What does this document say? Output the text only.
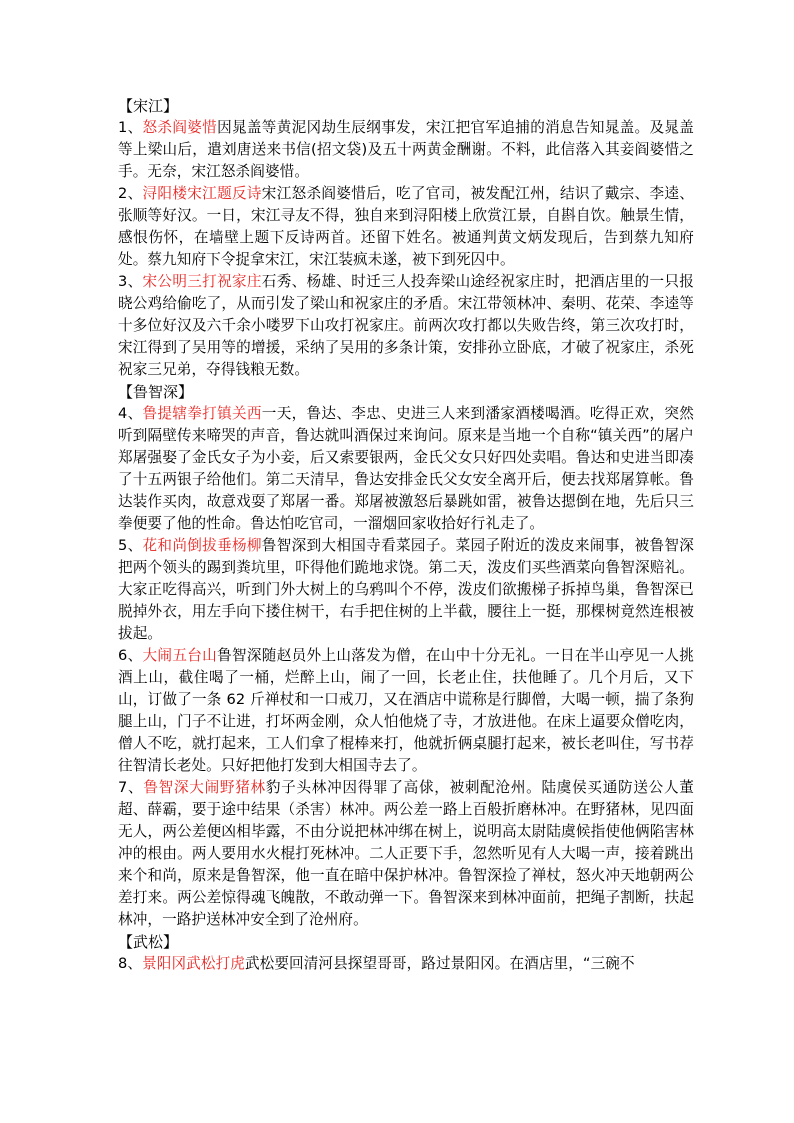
【宋江】

1、怒杀阎婆惜因晁盖等黄泥冈劫生辰纲事发，宋江把官军追捕的消息告知晁盖。及晁盖等上梁山后，遣刘唐送来书信(招文袋)及五十两黄金酬谢。不料，此信落入其妾阎婆惜之手。无奈，宋江怒杀阎婆惜。

2、浔阳楼宋江题反诗宋江怒杀阎婆惜后，吃了官司，被发配江州，结识了戴宗、李逵、张顺等好汉。一日，宋江寻友不得，独自来到浔阳楼上欣赏江景，自斟自饮。触景生情，感恨伤怀，在墙壁上题下反诗两首。还留下姓名。被通判黄文炳发现后，告到蔡九知府处。蔡九知府下令捉拿宋江，宋江装疯未遂，被下到死囚中。

3、宋公明三打祝家庄石秀、杨雄、时迁三人投奔梁山途经祝家庄时，把酒店里的一只报晓公鸡给偷吃了，从而引发了梁山和祝家庄的矛盾。宋江带领林冲、秦明、花荣、李逵等十多位好汉及六千余小喽罗下山攻打祝家庄。前两次攻打都以失败告终，第三次攻打时，宋江得到了吴用等的增援，采纳了吴用的多条计策，安排孙立卧底，才破了祝家庄，杀死祝家三兄弟，夺得钱粮无数。

【鲁智深】

4、鲁提辖拳打镇关西一天，鲁达、李忠、史进三人来到潘家酒楼喝酒。吃得正欢，突然听到隔壁传来啼哭的声音，鲁达就叫酒保过来询问。原来是当地一个自称“镇关西”的屠户郑屠强娶了金氏女子为小妾，后又索要银两，金氏父女只好四处卖唱。鲁达和史进当即凑了十五两银子给他们。第二天清早，鲁达安排金氏父女安全离开后，便去找郑屠算帐。鲁达装作买肉，故意戏耍了郑屠一番。郑屠被激怒后暴跳如雷，被鲁达摁倒在地，先后只三拳便要了他的性命。鲁达怕吃官司，一溜烟回家收拾好行礼走了。

5、花和尚倒拔垂杨柳鲁智深到大相国寺看菜园子。菜园子附近的泼皮来闹事，被鲁智深把两个领头的踢到粪坑里，吓得他们跪地求饶。第二天，泼皮们买些酒菜向鲁智深赔礼。大家正吃得高兴，听到门外大树上的乌鸦叫个不停，泼皮们欲搬梯子拆掉鸟巢，鲁智深已脱掉外衣，用左手向下搂住树干，右手把住树的上半截，腰往上一挺，那棵树竟然连根被拔起。

6、大闹五台山鲁智深随赵员外上山落发为僧，在山中十分无礼。一日在半山亭见一人挑酒上山，截住喝了一桶，烂醉上山，闹了一回，长老止住，扶他睡了。几个月后，又下山，订做了一条 62 斤禅杖和一口戒刀，又在酒店中谎称是行脚僧，大喝一顿，揣了条狗腿上山，门子不让进，打坏两金刚，众人怕他烧了寺，才放进他。在床上逼要众僧吃肉，僧人不吃，就打起来，工人们拿了棍棒来打，他就折俩桌腿打起来，被长老叫住，写书荐往智清长老处。只好把他打发到大相国寺去了。

7、鲁智深大闹野猪林豹子头林冲因得罪了高俅，被刺配沧州。陆虞侯买通防送公人董超、薛霸，要于途中结果（杀害）林冲。两公差一路上百般折磨林冲。在野猪林，见四面无人，两公差便凶相毕露，不由分说把林冲绑在树上，说明高太尉陆虞候指使他俩陷害林冲的根由。两人要用水火棍打死林冲。二人正要下手，忽然听见有人大喝一声，接着跳出来个和尚，原来是鲁智深，他一直在暗中保护林冲。鲁智深捡了禅杖，怒火冲天地朝两公差打来。两公差惊得魂飞魄散，不敢动弹一下。鲁智深来到林冲面前，把绳子割断，扶起林冲，一路护送林冲安全到了沧州府。

【武松】

8、景阳冈武松打虎武松要回清河县探望哥哥，路过景阳冈。在酒店里，“三碗不
